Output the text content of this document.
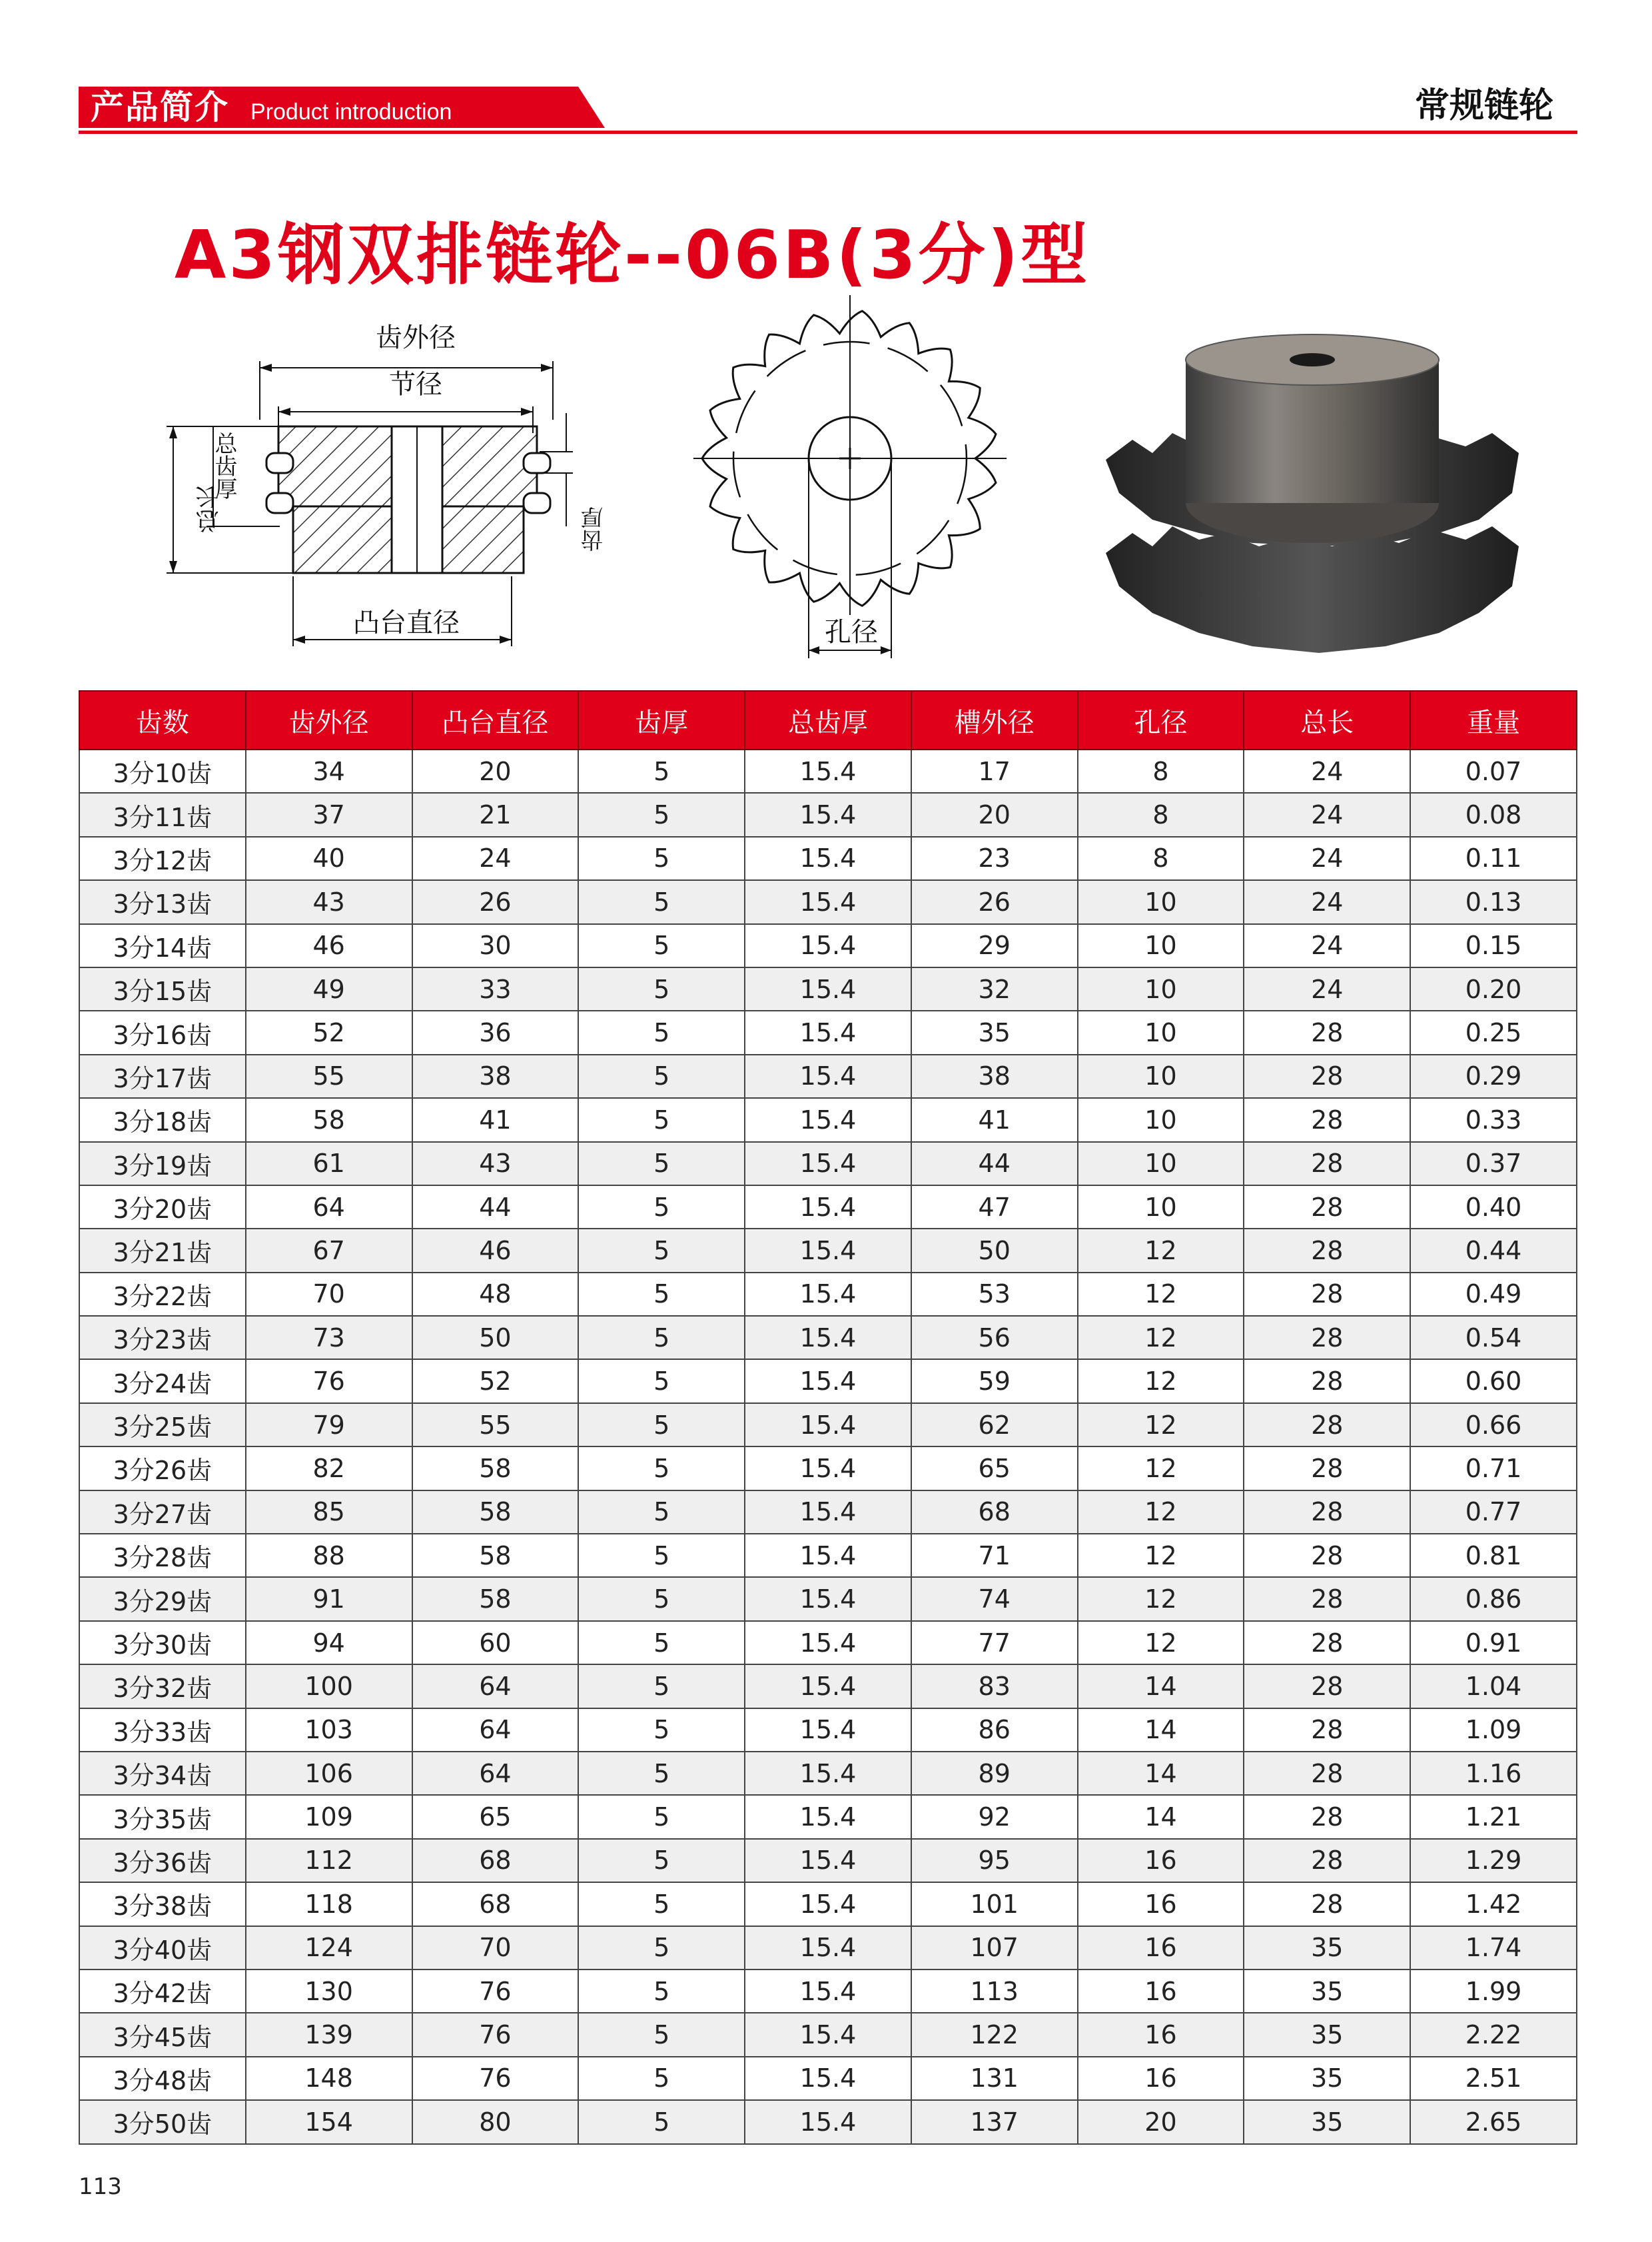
产品简介 Product introduction	常规链轮
A3钢双排链轮--06B(3分)型
齿外径
节径
凸台直径
总长
总齿厚
齿厚
孔径
齿数	齿外径	凸台直径	齿厚	总齿厚	槽外径	孔径	总长	重量
3分10齿	34	20	5	15.4	17	8	24	0.07
3分11齿	37	21	5	15.4	20	8	24	0.08
3分12齿	40	24	5	15.4	23	8	24	0.11
3分13齿	43	26	5	15.4	26	10	24	0.13
3分14齿	46	30	5	15.4	29	10	24	0.15
3分15齿	49	33	5	15.4	32	10	24	0.20
3分16齿	52	36	5	15.4	35	10	28	0.25
3分17齿	55	38	5	15.4	38	10	28	0.29
3分18齿	58	41	5	15.4	41	10	28	0.33
3分19齿	61	43	5	15.4	44	10	28	0.37
3分20齿	64	44	5	15.4	47	10	28	0.40
3分21齿	67	46	5	15.4	50	12	28	0.44
3分22齿	70	48	5	15.4	53	12	28	0.49
3分23齿	73	50	5	15.4	56	12	28	0.54
3分24齿	76	52	5	15.4	59	12	28	0.60
3分25齿	79	55	5	15.4	62	12	28	0.66
3分26齿	82	58	5	15.4	65	12	28	0.71
3分27齿	85	58	5	15.4	68	12	28	0.77
3分28齿	88	58	5	15.4	71	12	28	0.81
3分29齿	91	58	5	15.4	74	12	28	0.86
3分30齿	94	60	5	15.4	77	12	28	0.91
3分32齿	100	64	5	15.4	83	14	28	1.04
3分33齿	103	64	5	15.4	86	14	28	1.09
3分34齿	106	64	5	15.4	89	14	28	1.16
3分35齿	109	65	5	15.4	92	14	28	1.21
3分36齿	112	68	5	15.4	95	16	28	1.29
3分38齿	118	68	5	15.4	101	16	28	1.42
3分40齿	124	70	5	15.4	107	16	35	1.74
3分42齿	130	76	5	15.4	113	16	35	1.99
3分45齿	139	76	5	15.4	122	16	35	2.22
3分48齿	148	76	5	15.4	131	16	35	2.51
3分50齿	154	80	5	15.4	137	20	35	2.65
113
